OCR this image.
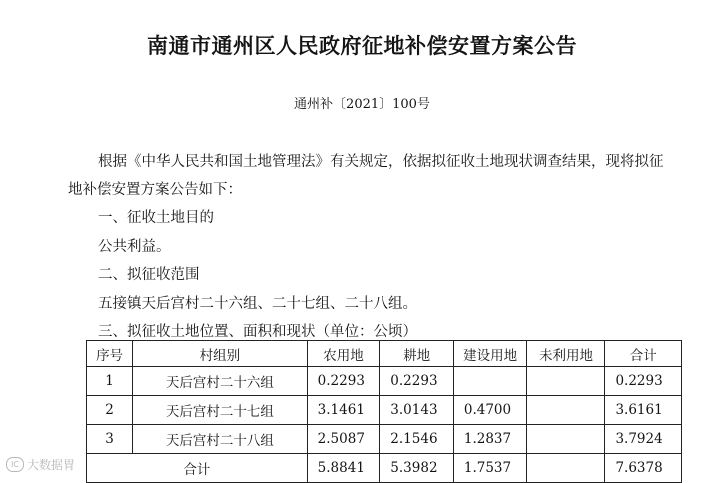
南通市通州区人民政府征地补偿安置方案公告
通州补〔2021〕100号
根据《中华人民共和国土地管理法》有关规定，依据拟征收土地现状调查结果，现将拟征
地补偿安置方案公告如下：
一、征收土地目的
公共利益。
二、拟征收范围
五接镇天后宫村二十六组、二十七组、二十八组。
三、拟征收土地位置、面积和现状（单位：公顷）
序号	村组别	农用地	耕地	建设用地	未利用地	合计
1	天后宫村二十六组	0.2293	0.2293			0.2293
2	天后宫村二十七组	3.1461	3.0143	0.4700		3.6161
3	天后宫村二十八组	2.5087	2.1546	1.2837		3.7924
合计		5.8841	5.3982	1.7537		7.6378
IC 大数据胃
